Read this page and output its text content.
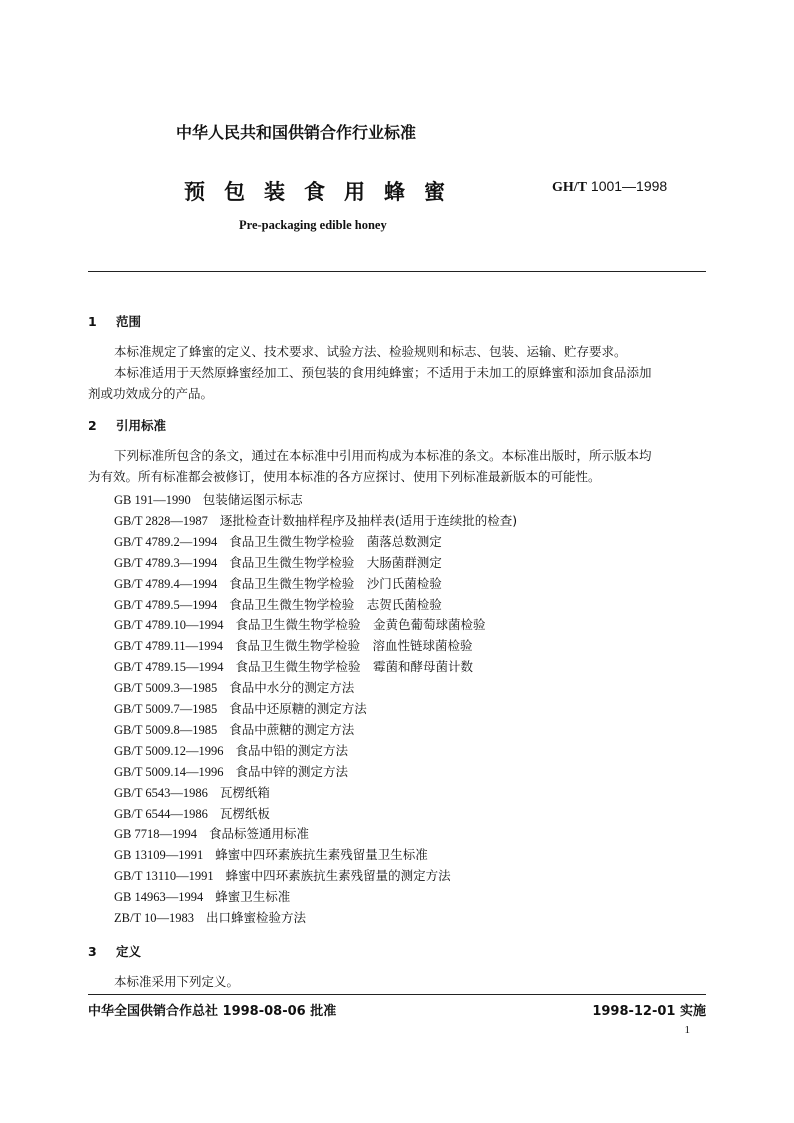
中华人民共和国供销合作行业标准
预包装食用蜂蜜	GH/T 1001—1998
Pre-packaging edible honey
1 范围
本标准规定了蜂蜜的定义、技术要求、试验方法、检验规则和标志、包装、运输、贮存要求。
本标准适用于天然原蜂蜜经加工、预包装的食用纯蜂蜜；不适用于未加工的原蜂蜜和添加食品添加
剂或功效成分的产品。
2 引用标准
下列标准所包含的条文，通过在本标准中引用而构成为本标准的条文。本标准出版时，所示版本均
为有效。所有标准都会被修订，使用本标准的各方应探讨、使用下列标准最新版本的可能性。
GB 191—1990 包装储运图示标志
GB/T 2828—1987 逐批检查计数抽样程序及抽样表(适用于连续批的检查)
GB/T 4789.2—1994 食品卫生微生物学检验　菌落总数测定
GB/T 4789.3—1994 食品卫生微生物学检验　大肠菌群测定
GB/T 4789.4—1994 食品卫生微生物学检验　沙门氏菌检验
GB/T 4789.5—1994 食品卫生微生物学检验　志贺氏菌检验
GB/T 4789.10—1994 食品卫生微生物学检验　金黄色葡萄球菌检验
GB/T 4789.11—1994 食品卫生微生物学检验　溶血性链球菌检验
GB/T 4789.15—1994 食品卫生微生物学检验　霉菌和酵母菌计数
GB/T 5009.3—1985 食品中水分的测定方法
GB/T 5009.7—1985 食品中还原糖的测定方法
GB/T 5009.8—1985 食品中蔗糖的测定方法
GB/T 5009.12—1996 食品中铅的测定方法
GB/T 5009.14—1996 食品中锌的测定方法
GB/T 6543—1986 瓦楞纸箱
GB/T 6544—1986 瓦楞纸板
GB 7718—1994 食品标签通用标准
GB 13109—1991 蜂蜜中四环素族抗生素残留量卫生标准
GB/T 13110—1991 蜂蜜中四环素族抗生素残留量的测定方法
GB 14963—1994 蜂蜜卫生标准
ZB/T 10—1983 出口蜂蜜检验方法
3 定义
本标准采用下列定义。
中华全国供销合作总社 1998-08-06 批准	1998-12-01 实施
1
